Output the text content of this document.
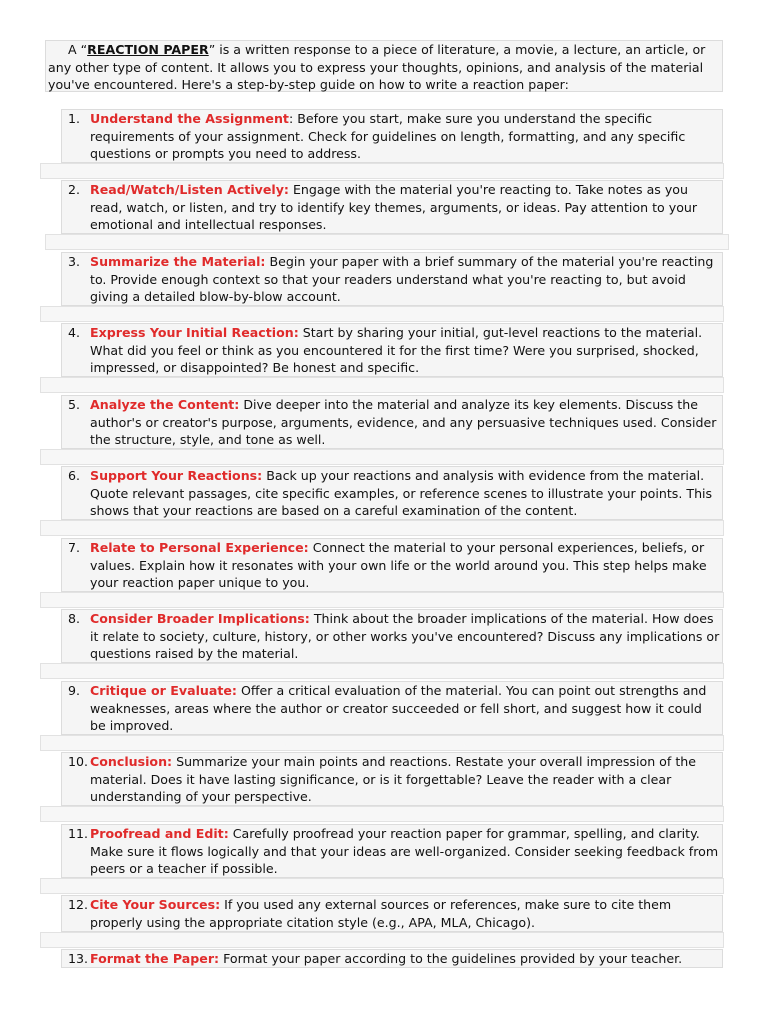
A “REACTION PAPER” is a written response to a piece of literature, a movie, a lecture, an article, or any other type of content. It allows you to express your thoughts, opinions, and analysis of the material you've encountered. Here's a step-by-step guide on how to write a reaction paper:
1. Understand the Assignment: Before you start, make sure you understand the specific requirements of your assignment. Check for guidelines on length, formatting, and any specific questions or prompts you need to address.
2. Read/Watch/Listen Actively: Engage with the material you're reacting to. Take notes as you read, watch, or listen, and try to identify key themes, arguments, or ideas. Pay attention to your emotional and intellectual responses.
3. Summarize the Material: Begin your paper with a brief summary of the material you're reacting to. Provide enough context so that your readers understand what you're reacting to, but avoid giving a detailed blow-by-blow account.
4. Express Your Initial Reaction: Start by sharing your initial, gut-level reactions to the material. What did you feel or think as you encountered it for the first time? Were you surprised, shocked, impressed, or disappointed? Be honest and specific.
5. Analyze the Content: Dive deeper into the material and analyze its key elements. Discuss the author's or creator's purpose, arguments, evidence, and any persuasive techniques used. Consider the structure, style, and tone as well.
6. Support Your Reactions: Back up your reactions and analysis with evidence from the material. Quote relevant passages, cite specific examples, or reference scenes to illustrate your points. This shows that your reactions are based on a careful examination of the content.
7. Relate to Personal Experience: Connect the material to your personal experiences, beliefs, or values. Explain how it resonates with your own life or the world around you. This step helps make your reaction paper unique to you.
8. Consider Broader Implications: Think about the broader implications of the material. How does it relate to society, culture, history, or other works you've encountered? Discuss any implications or questions raised by the material.
9. Critique or Evaluate: Offer a critical evaluation of the material. You can point out strengths and weaknesses, areas where the author or creator succeeded or fell short, and suggest how it could be improved.
10. Conclusion: Summarize your main points and reactions. Restate your overall impression of the material. Does it have lasting significance, or is it forgettable? Leave the reader with a clear understanding of your perspective.
11. Proofread and Edit: Carefully proofread your reaction paper for grammar, spelling, and clarity. Make sure it flows logically and that your ideas are well-organized. Consider seeking feedback from peers or a teacher if possible.
12. Cite Your Sources: If you used any external sources or references, make sure to cite them properly using the appropriate citation style (e.g., APA, MLA, Chicago).
13. Format the Paper: Format your paper according to the guidelines provided by your teacher.
